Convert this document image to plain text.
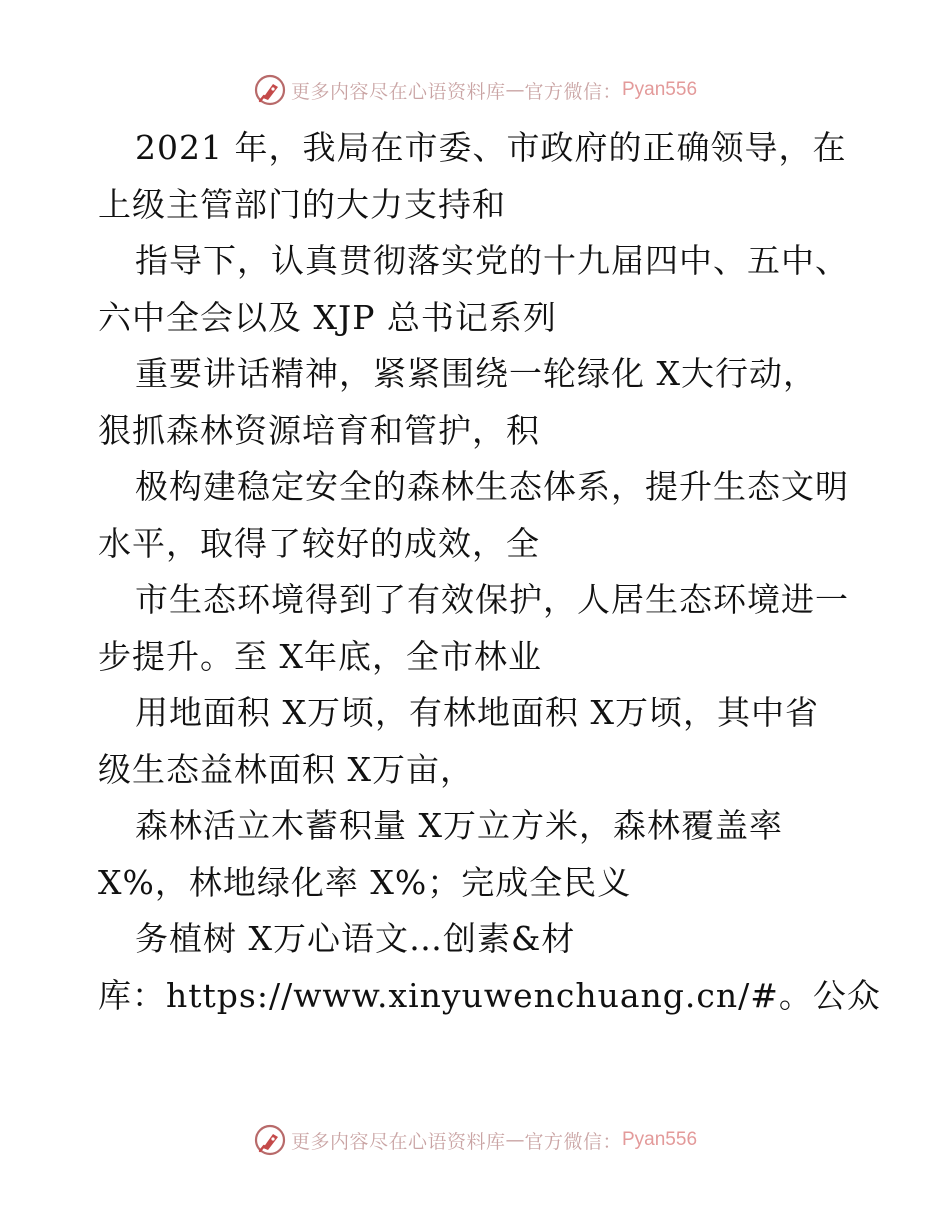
更多内容尽在心语资料库 — 官方微信： Pyan556

2021 年，我局在市委、市政府的正确领导，在

上级主管部门的大力支持和

指导下，认真贯彻落实党的十九届四中、五中、

六中全会以及 XJP 总书记系列

重要讲话精神，紧紧围绕一轮绿化 X大行动，

狠抓森林资源培育和管护，积

极构建稳定安全的森林生态体系，提升生态文明

水平，取得了较好的成效，全

市生态环境得到了有效保护，人居生态环境进一

步提升。至 X年底，全市林业

用地面积 X万顷，有林地面积 X万顷，其中省

级生态益林面积 X万亩，

森林活立木蓄积量 X万立方米，森林覆盖率

X%，林地绿化率 X%；完成全民义

务植树 X万心语文…创素&材

库：https://www.xinyuwenchuang.cn/#。公众

更多内容尽在心语资料库 — 官方微信： Pyan556
